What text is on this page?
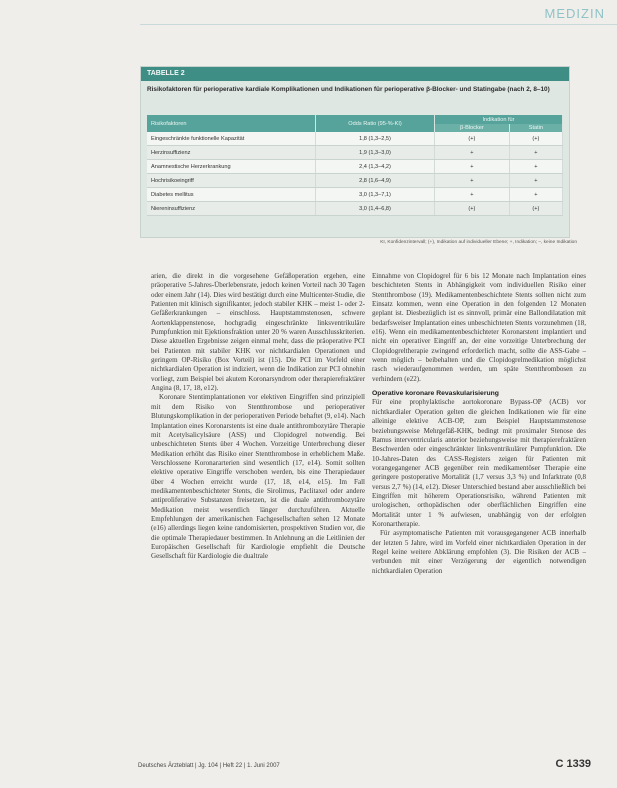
MEDIZIN
TABELLE 2
Risikofaktoren für perioperative kardiale Komplikationen und Indikationen für perioperative β-Blocker- und Statingabe (nach 2, 8–10)
Risikofaktoren	Odds Ratio (95-%-KI)	Indikation für	
		β-Blocker	Statin
Eingeschränkte funktionelle Kapazität	1,8 (1,3–2,5)	(+)	(+)
Herzinsuffizienz	1,9 (1,3–3,0)	+	+
Anamnestische Herzerkrankung	2,4 (1,3–4,2)	+	+
Hochrisikoeingriff	2,8 (1,6–4,9)	+	+
Diabetes mellitus	3,0 (1,3–7,1)	+	+
Niereninsuffizienz	3,0 (1,4–6,8)	(+)	(+)
KI, Konfidenzintervall; (+), Indikation auf individueller Ebene; +, Indikation; –, keine Indikation

arien, die direkt in die vorgesehene Gefäßoperation ergehen, eine präoperative 5-Jahres-Überlebensrate, jedoch keinen Vorteil nach 30 Tagen oder einem Jahr (14). Dies wird bestätigt durch eine Multicenter-Studie, die Patienten mit klinisch signifikanter, jedoch stabiler KHK – meist 1- oder 2-Gefäßerkrankungen – einschloss. Hauptstammstenosen, schwere Aortenklappenstenose, hochgradig eingeschränkte linksventrikuläre Pumpfunktion mit Ejektionsfraktion unter 20 % waren Ausschlusskriterien. Diese aktuellen Ergebnisse zeigen einmal mehr, dass die präoperative PCI bei Patienten mit stabiler KHK vor nichtkardialen Operationen und geringem OP-Risiko (Box Vorteil) ist (15). Die PCI im Vorfeld einer nichtkardialen Operation ist indiziert, wenn die Indikation zur PCI ohnehin vorliegt, zum Beispiel bei akutem Koronarsyndrom oder therapierefraktärer Angina (8, 17, 18, e12).

Koronare Stentimplantationen vor elektiven Eingriffen sind prinzipiell mit dem Risiko von Stentthrombose und perioperativer Blutungskomplikation in der perioperativen Periode behaftet (9, e14). Nach Implantation eines Koronarstents ist eine duale antithrombozytäre Therapie mit Acetylsalicylsäure (ASS) und Clopidogrel notwendig. Bei unbeschichteten Stents über 4 Wochen. Vorzeitige Unterbrechung dieser Medikation erhöht das Risiko einer Stentthrombose in erheblichem Maße. Verschlossene Koronararterien sind wesentlich (17, e14). Somit sollten elektive operative Eingriffe verschoben werden, bis eine Therapiedauer über 4 Wochen erreicht wurde (17, 18, e14, e15). Im Fall medikamentenbeschichteter Stents, die Sirolimus, Paclitaxel oder andere antiproliferative Substanzen freisetzen, ist die duale antithrombozytäre Medikation meist wesentlich länger durchzuführen. Aktuelle Empfehlungen der amerikanischen Fachgesellschaften sehen 12 Monate (e16) allerdings liegen keine randomisierten, prospektiven Studien vor, die die optimale Therapiedauer bestimmen. In Anlehnung an die Leitlinien der Europäischen Gesellschaft für Kardiologie empfiehlt die Deutsche Gesellschaft für Kardiologie die dualtrale

Einnahme von Clopidogrel für 6 bis 12 Monate nach Implantation eines beschichteten Stents in Abhängigkeit vom individuellen Risiko einer Stentthrombose (19). Medikamentenbeschichtete Stents sollten nicht zum Einsatz kommen, wenn eine Operation in den folgenden 12 Monaten geplant ist. Diesbezüglich ist es sinnvoll, primär eine Ballondilatation mit bedarfsweiser Implantation eines unbeschichteten Stents vorzunehmen (18, e16). Wenn ein medikamentenbeschichteter Koronarstent implantiert und nicht ein operativer Eingriff an, der eine vorzeitige Unterbrechung der Clopidogreltherapie zwingend erforderlich macht, sollte die ASS-Gabe – wenn möglich – beibehalten und die Clopidogrelmedikation möglichst rasch wiederaufgenommen werden, um späte Stentthrombosen zu verhindern (e22).

Operative koronare Revaskularisierung

Für eine prophylaktische aortokoronare Bypass-OP (ACB) vor nichtkardialer Operation gelten die gleichen Indikationen wie für eine alleinige elektive ACB-OP, zum Beispiel Hauptstammstenose beziehungsweise Mehrgefäß-KHK, bedingt mit proximaler Stenose des Ramus interventricularis anterior beziehungsweise mit therapierefraktären Beschwerden oder eingeschränkter linksventrikulärer Pumpfunktion. Die 10-Jahres-Daten des CASS-Registers zeigen für Patienten mit vorangegangener ACB gegenüber rein medikamentöser Therapie eine geringere postoperative Mortalität (1,7 versus 3,3 %) und Infarktrate (0,8 versus 2,7 %) (14, e12). Dieser Unterschied bestand aber ausschließlich bei Eingriffen mit höherem Operationsrisiko, während Patienten mit urologischen, orthopädischen oder oberflächlichen Eingriffen eine Mortalität unter 1 % aufwiesen, unabhängig von der erfolgten Koronartherapie.

Für asymptomatische Patienten mit vorausgegangener ACB innerhalb der letzten 5 Jahre, wird im Vorfeld einer nichtkardialen Operation in der Regel keine weitere Abklärung empfohlen (3). Die Risiken der ACB – verbunden mit einer Verzögerung der eigentlich notwendigen nichtkardialen Operation

Deutsches Ärzteblatt | Jg. 104 | Heft 22 | 1. Juni 2007	C 1339
